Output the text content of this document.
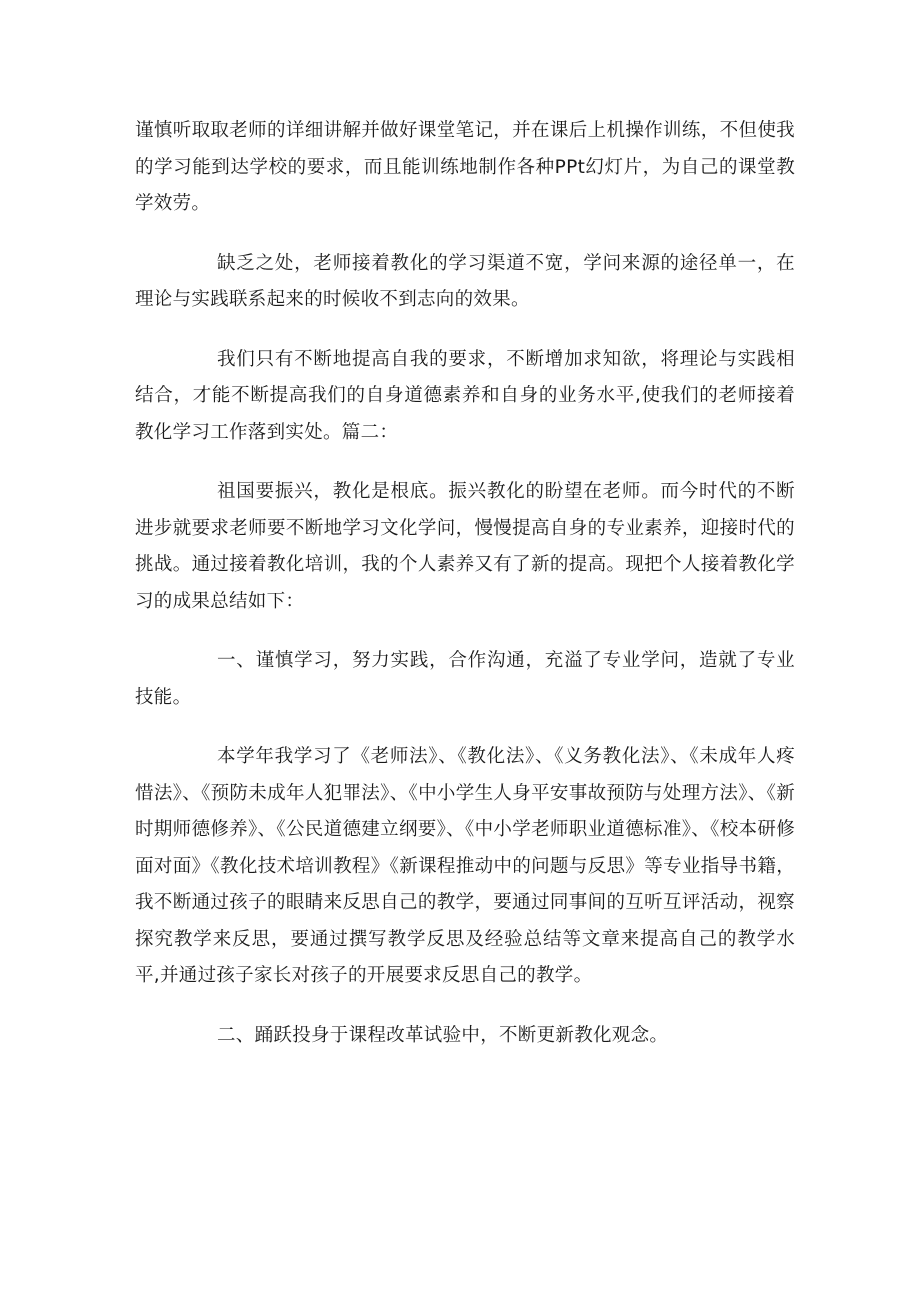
谨慎听取取老师的详细讲解并做好课堂笔记，并在课后上机操作训练，不但使我的学习能到达学校的要求，而且能训练地制作各种PPt幻灯片，为自己的课堂教学效劳。

缺乏之处，老师接着教化的学习渠道不宽，学问来源的途径单一，在理论与实践联系起来的时候收不到志向的效果。

我们只有不断地提高自我的要求，不断增加求知欲，将理论与实践相结合，才能不断提高我们的自身道德素养和自身的业务水平,使我们的老师接着教化学习工作落到实处。篇二：

祖国要振兴，教化是根底。振兴教化的盼望在老师。而今时代的不断进步就要求老师要不断地学习文化学问，慢慢提高自身的专业素养，迎接时代的挑战。通过接着教化培训，我的个人素养又有了新的提高。现把个人接着教化学习的成果总结如下：

一、谨慎学习，努力实践，合作沟通，充溢了专业学问，造就了专业技能。

本学年我学习了《老师法》、《教化法》、《义务教化法》、《未成年人疼惜法》、《预防未成年人犯罪法》、《中小学生人身平安事故预防与处理方法》、《新时期师德修养》、《公民道德建立纲要》、《中小学老师职业道德标准》、《校本研修面对面》《教化技术培训教程》《新课程推动中的问题与反思》等专业指导书籍，我不断通过孩子的眼睛来反思自己的教学，要通过同事间的互听互评活动，视察探究教学来反思，要通过撰写教学反思及经验总结等文章来提高自己的教学水平,并通过孩子家长对孩子的开展要求反思自己的教学。

二、踊跃投身于课程改革试验中，不断更新教化观念。
